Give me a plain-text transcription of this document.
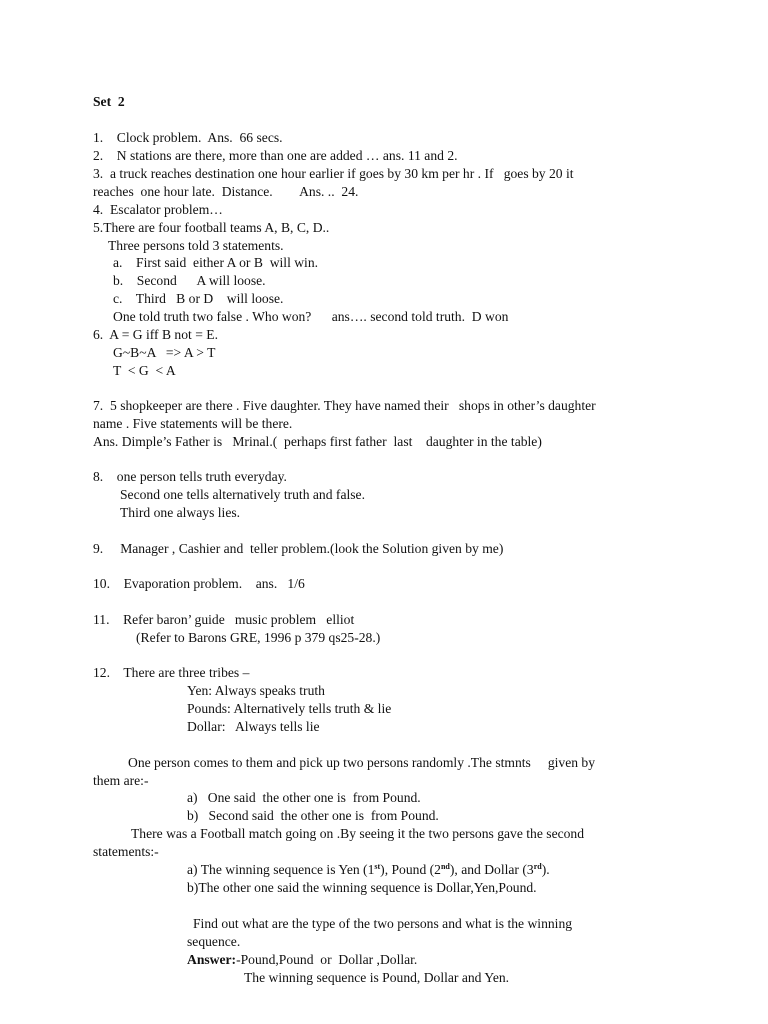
Set  2
1.    Clock problem.  Ans.  66 secs.
2.    N stations are there, more than one are added … ans. 11 and 2.
3.  a truck reaches destination one hour earlier if goes by 30 km per hr . If   goes by 20 it
reaches  one hour late.  Distance.        Ans. ..  24.
4.  Escalator problem…
5.There are four football teams A, B, C, D..
Three persons told 3 statements.
a.    First said  either A or B  will win.
b.    Second      A will loose.
c.    Third   B or D    will loose.
One told truth two false . Who won?      ans…. second told truth.  D won
6.  A = G iff B not = E.
G~B~A   => A > T
T  < G  < A
7.  5 shopkeeper are there . Five daughter. They have named their   shops in other’s daughter
name . Five statements will be there.
Ans. Dimple’s Father is   Mrinal.(  perhaps first father  last    daughter in the table)
8.    one person tells truth everyday.
Second one tells alternatively truth and false.
Third one always lies.
9.     Manager , Cashier and  teller problem.(look the Solution given by me)
10.    Evaporation problem.    ans.   1/6
11.    Refer baron’ guide   music problem   elliot
(Refer to Barons GRE, 1996 p 379 qs25-28.)
12.    There are three tribes –
Yen: Always speaks truth
Pounds: Alternatively tells truth & lie
Dollar:   Always tells lie
One person comes to them and pick up two persons randomly .The stmnts     given by
them are:-
a)   One said  the other one is  from Pound.
b)   Second said  the other one is  from Pound.
There was a Football match going on .By seeing it the two persons gave the second
statements:-
a) The winning sequence is Yen (1st), Pound (2nd), and Dollar (3rd).
b)The other one said the winning sequence is Dollar,Yen,Pound.
Find out what are the type of the two persons and what is the winning
sequence.
Answer:-Pound,Pound  or  Dollar ,Dollar.
The winning sequence is Pound, Dollar and Yen.
